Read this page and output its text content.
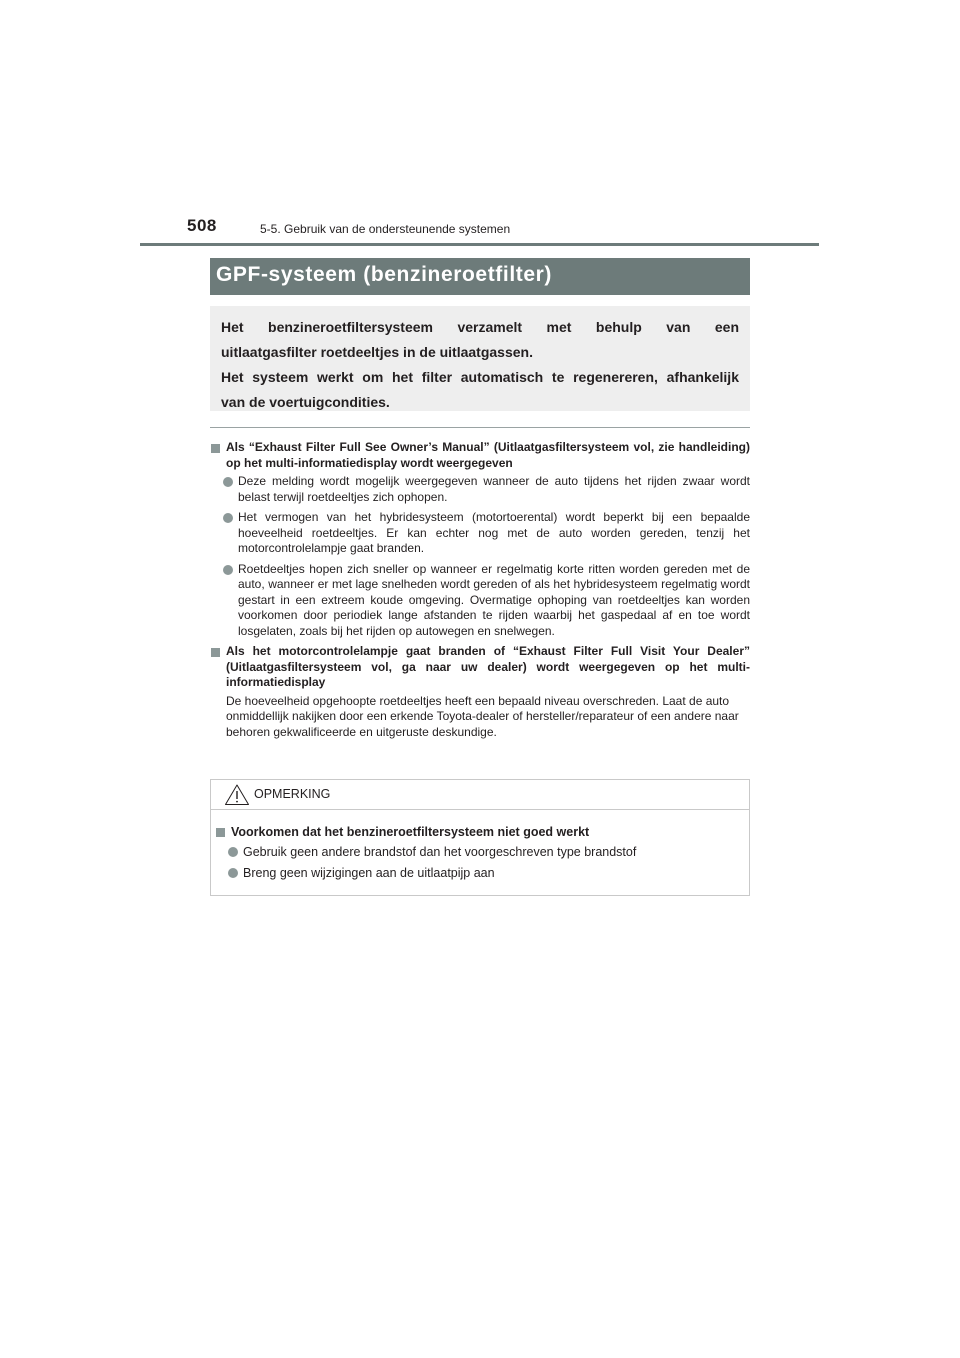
508	5-5. Gebruik van de ondersteunende systemen
GPF-systeem (benzineroetfilter)

Het benzineroetfiltersysteem verzamelt met behulp van een

uitlaatgasfilter roetdeeltjes in de uitlaatgassen.

Het systeem werkt om het filter automatisch te regenereren, afhankelijk

van de voertuigcondities.

Als “Exhaust Filter Full See Owner’s Manual” (Uitlaatgasfiltersysteem vol, zie handleiding) op het multi-informatiedisplay wordt weergegeven
Deze melding wordt mogelijk weergegeven wanneer de auto tijdens het rijden zwaar wordt belast terwijl roetdeeltjes zich ophopen.
Het vermogen van het hybridesysteem (motortoerental) wordt beperkt bij een bepaalde hoeveelheid roetdeeltjes. Er kan echter nog met de auto worden gereden, tenzij het motorcontrolelampje gaat branden.
Roetdeeltjes hopen zich sneller op wanneer er regelmatig korte ritten worden gereden met de auto, wanneer er met lage snelheden wordt gereden of als het hybridesysteem regelmatig wordt gestart in een extreem koude omgeving. Overmatige ophoping van roetdeeltjes kan worden voorkomen door periodiek lange afstanden te rijden waarbij het gaspedaal af en toe wordt losgelaten, zoals bij het rijden op autowegen en snelwegen.
Als het motorcontrolelampje gaat branden of “Exhaust Filter Full Visit Your Dealer” (Uitlaatgasfiltersysteem vol, ga naar uw dealer) wordt weergegeven op het multi-informatiedisplay
De hoeveelheid opgehoopte roetdeeltjes heeft een bepaald niveau overschreden. Laat de auto onmiddellijk nakijken door een erkende Toyota-dealer of hersteller/reparateur of een andere naar behoren gekwalificeerde en uitgeruste deskundige.
OPMERKING
Voorkomen dat het benzineroetfiltersysteem niet goed werkt
Gebruik geen andere brandstof dan het voorgeschreven type brandstof
Breng geen wijzigingen aan de uitlaatpijp aan
